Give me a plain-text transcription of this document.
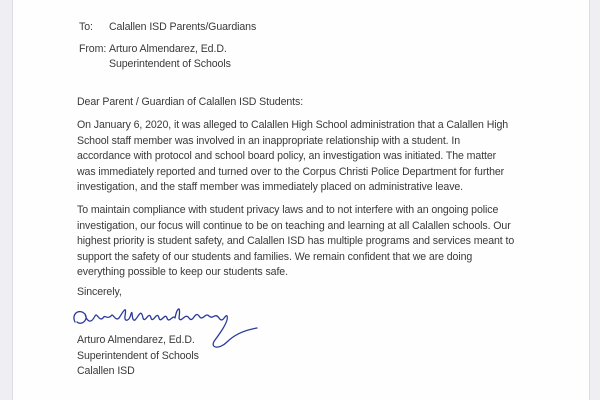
To:	Calallen ISD Parents/Guardians
From: Arturo Almendarez, Ed.D.
Superintendent of Schools
Dear Parent / Guardian of Calallen ISD Students:
On January 6, 2020, it was alleged to Calallen High School administration that a Calallen High
School staff member was involved in an inappropriate relationship with a student. In
accordance with protocol and school board policy, an investigation was initiated. The matter
was immediately reported and turned over to the Corpus Christi Police Department for further
investigation, and the staff member was immediately placed on administrative leave.
To maintain compliance with student privacy laws and to not interfere with an ongoing police
investigation, our focus will continue to be on teaching and learning at all Calallen schools. Our
highest priority is student safety, and Calallen ISD has multiple programs and services meant to
support the safety of our students and families. We remain confident that we are doing
everything possible to keep our students safe.
Sincerely,
Arturo Almendarez, Ed.D.
Superintendent of Schools
Calallen ISD
